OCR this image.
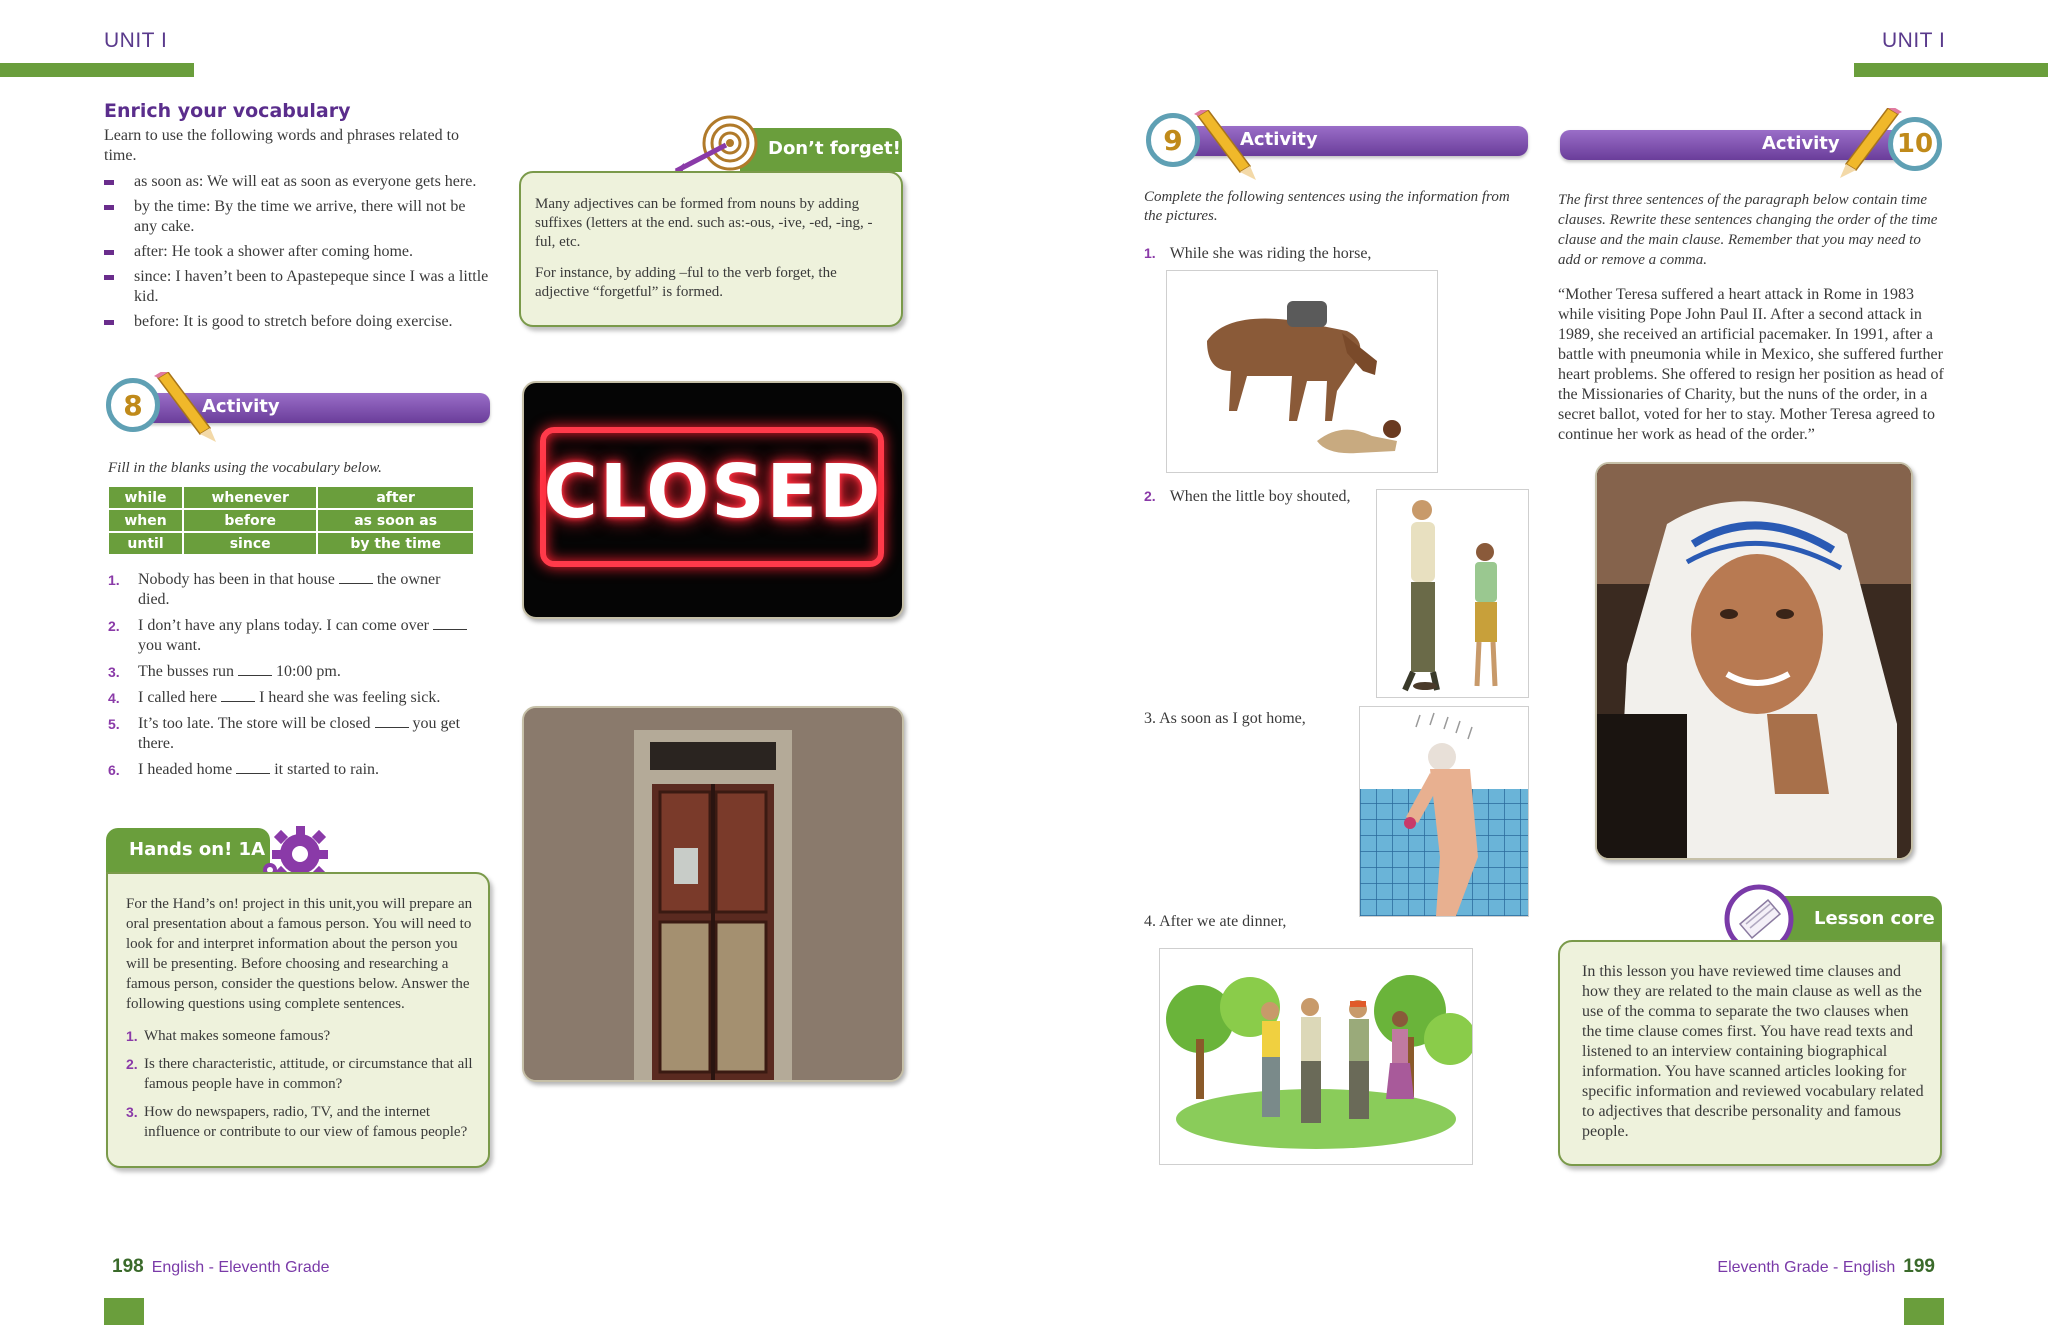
UNIT I	UNIT I
Enrich your vocabulary
Learn to use the following words and phrases related to time.
as soon as: We will eat as soon as everyone gets here.
by the time: By the time we arrive, there will not be any cake.
after: He took a shower after coming home.
since: I haven’t been to Apastepeque since I was a little kid.
before: It is good to stretch before doing exercise.
Don’t forget!
Many adjectives can be formed from nouns by adding suffixes (letters at the end. such as:-ous, -ive, -ed, -ing, -ful, etc.
For instance, by adding –ful to the verb forget, the adjective “forgetful” is formed.
Activity
8
Fill in the blanks using the vocabulary below.
while	whenever	after
when	before	as soon as
until	since	by the time
1. Nobody has been in that house	the owner died.
2. I don’t have any plans today. I can come over  you want.
3. The busses run	10:00 pm.
4. I called here	I heard she was feeling sick.
5. It’s too late. The store will be closed	you get there.
6. I headed home	it started to rain.
CLOSED
Hands on! 1A
For the Hand’s on! project in this unit,you will prepare an oral presentation about a famous person. You will need to look for and interpret information about the person you will be presenting. Before choosing and researching a famous person, consider the questions below. Answer the following questions using complete sentences.
1. What makes someone famous?
2. Is there characteristic, attitude, or circumstance that all famous people have in common?
3. How do newspapers, radio, TV, and the internet influence or contribute to our view of famous people?
Activity
9
Complete the following sentences using the information from the pictures.
1. While she was riding the horse,
2. When the little boy shouted,
3. As soon as I got home,
4. After we ate dinner,
Activity	10
The first three sentences of the paragraph below contain time clauses. Rewrite these sentences changing the order of the time clause and the main clause. Remember that you may need to add or remove a comma.
“Mother Teresa suffered a heart attack in Rome in 1983 while visiting Pope John Paul II. After a second attack in 1989, she received an artificial pacemaker. In 1991, after a battle with pneumonia while in Mexico, she suffered further heart problems. She offered to resign her position as head of the Missionaries of Charity, but the nuns of the order, in a secret ballot, voted for her to stay. Mother Teresa agreed to continue her work as head of the order.”
Lesson core
In this lesson you have reviewed time clauses and how they are related to the main clause as well as the use of the comma to separate the two clauses when the time clause comes first. You have read texts and listened to an interview containing biographical information. You have scanned articles looking for specific information and reviewed vocabulary related to adjectives that describe personality and famous people.
198 English - Eleventh Grade	Eleventh Grade - English 199
